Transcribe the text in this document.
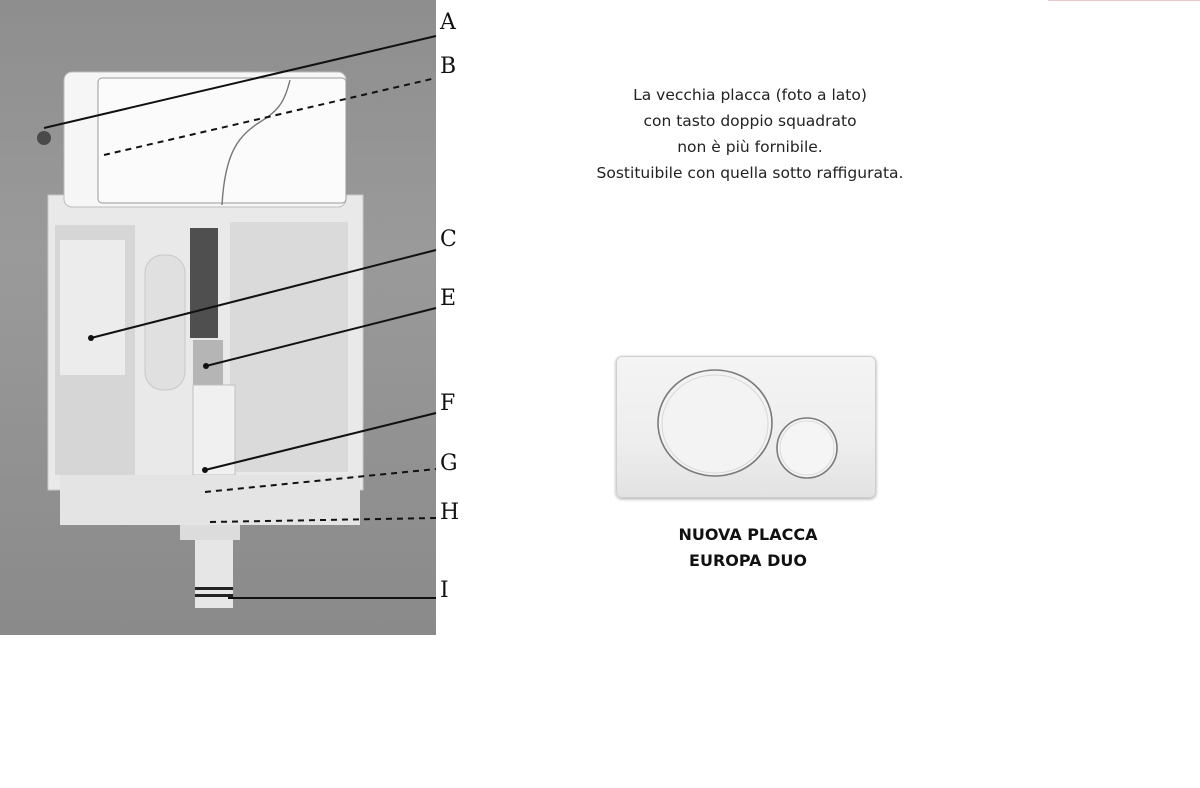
A
B
C
E
F
G
H
I
La vecchia placca (foto a lato)
con tasto doppio squadrato
non è più fornibile.
Sostituibile con quella sotto raffigurata.
NUOVA PLACCA
EUROPA DUO
